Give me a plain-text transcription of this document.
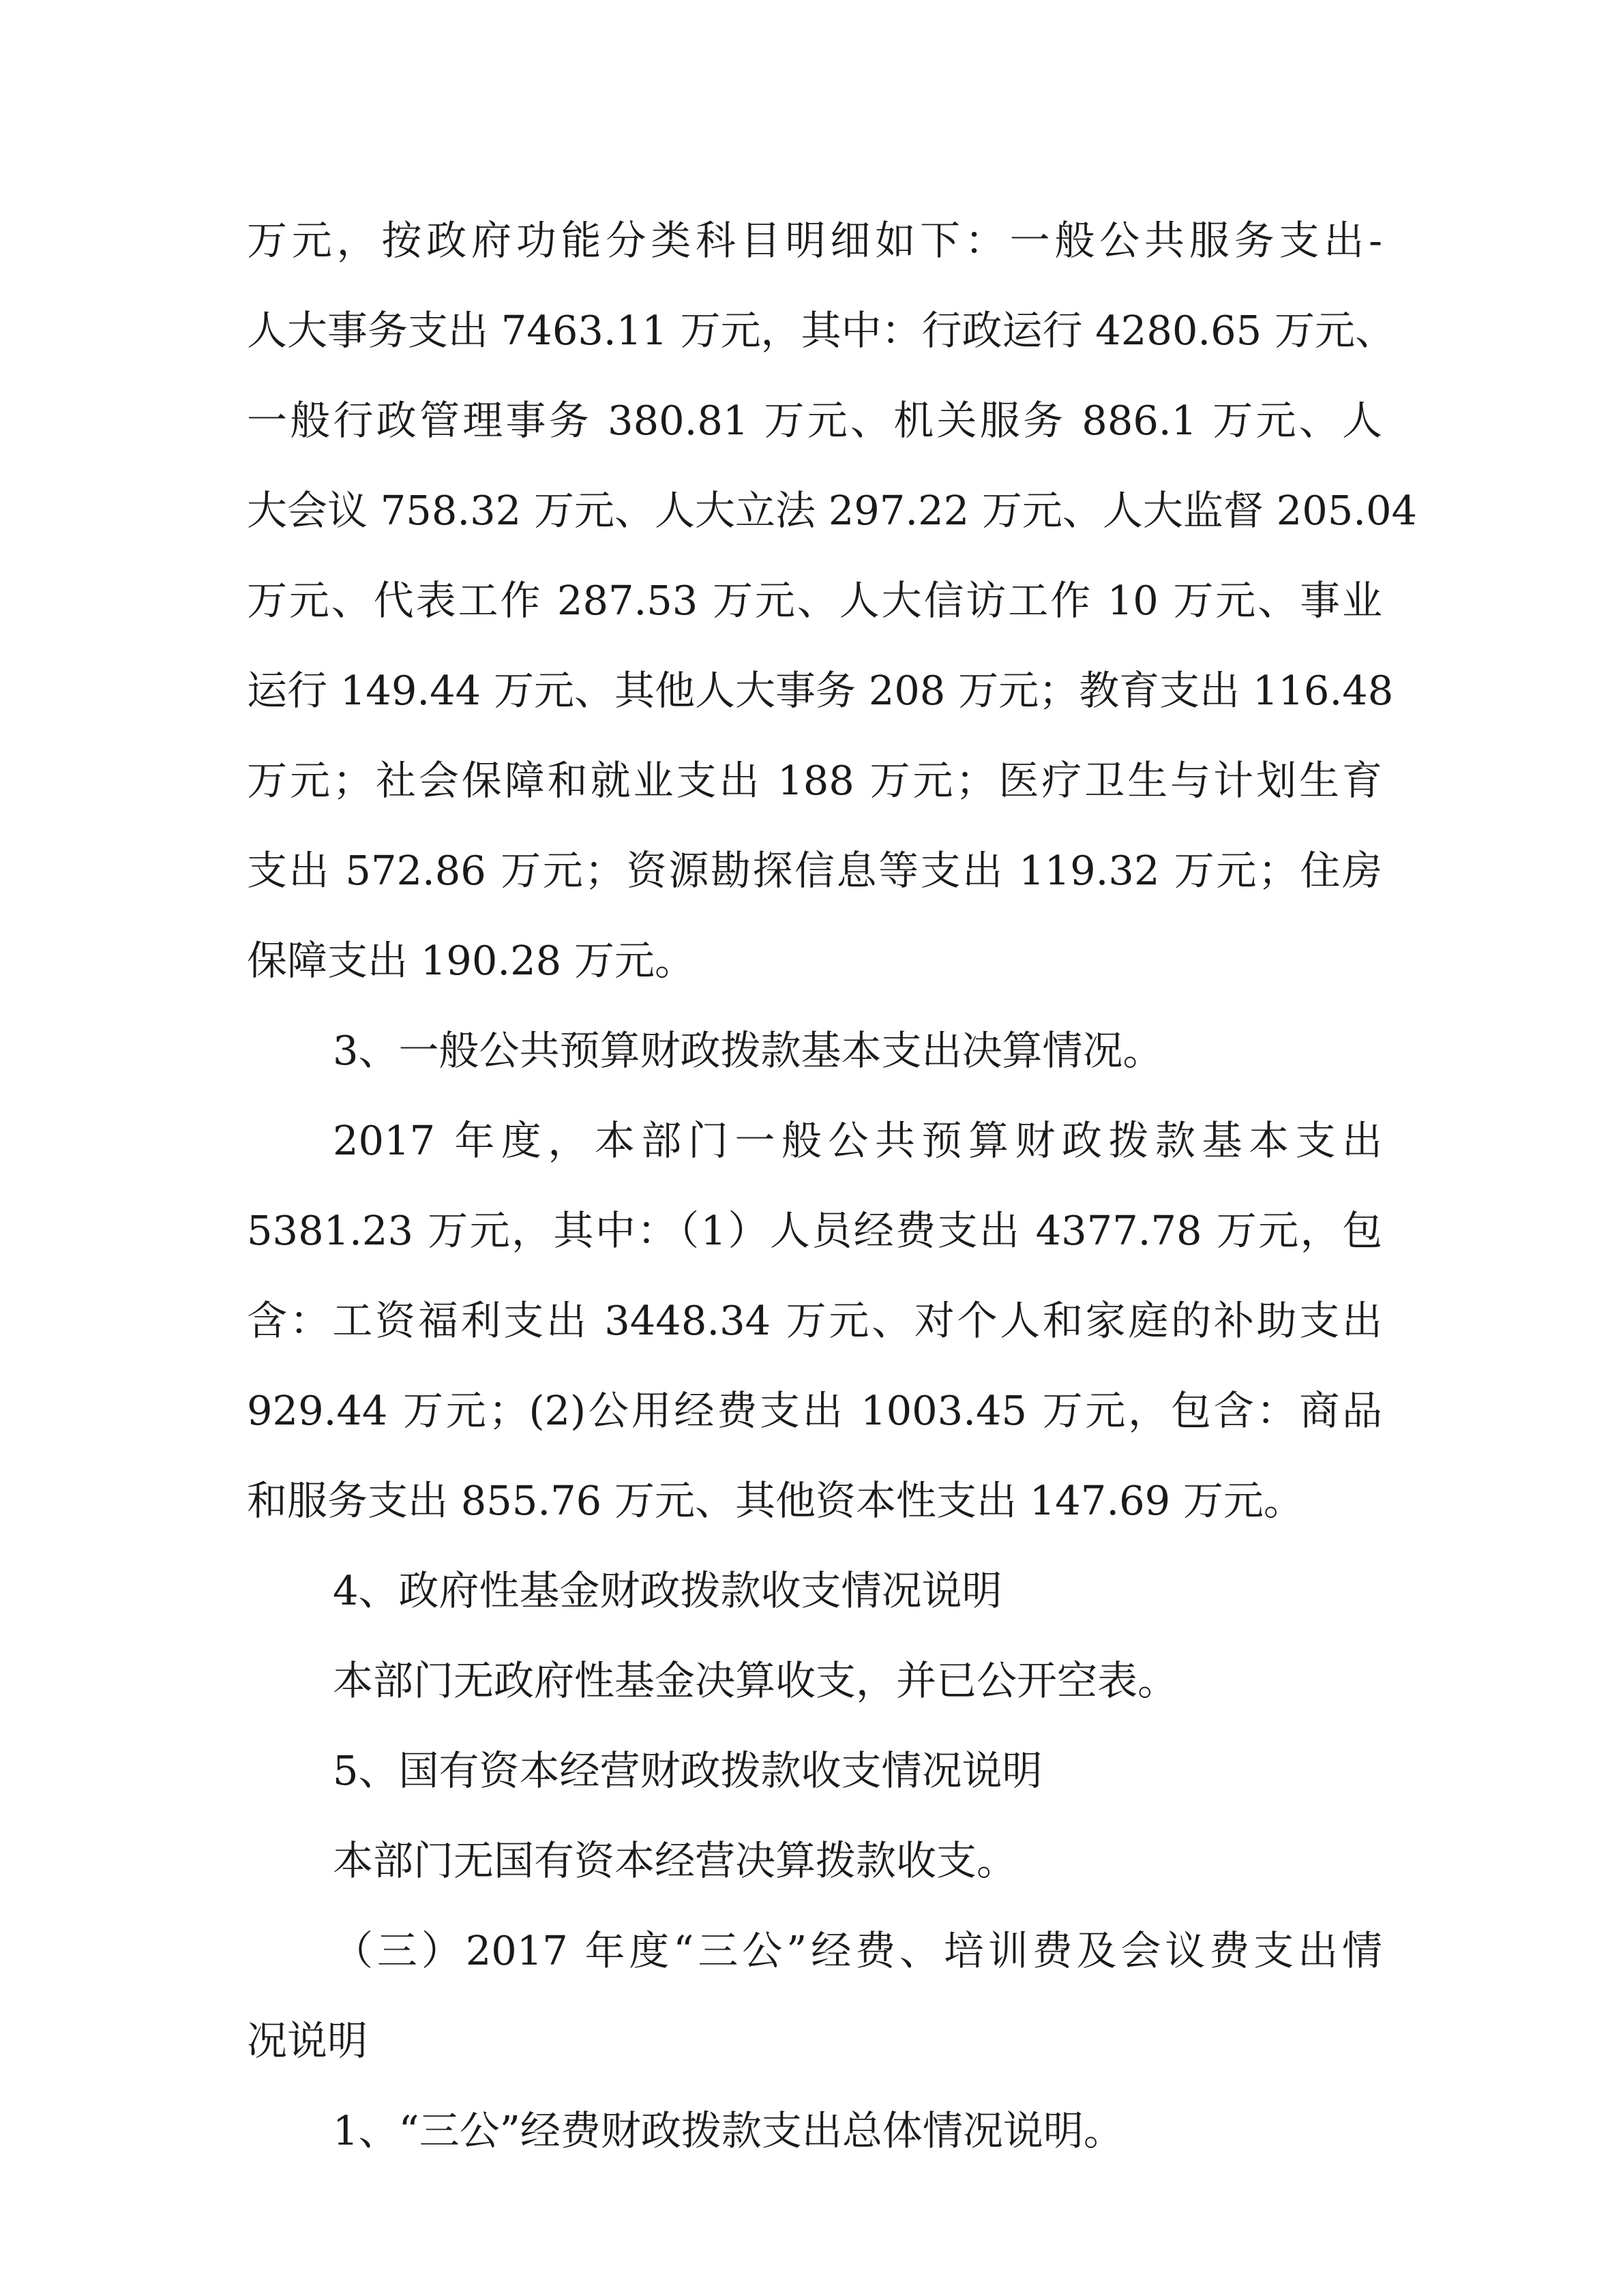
万元，按政府功能分类科目明细如下：一般公共服务支出-
人大事务支出 7463.11 万元，其中：行政运行 4280.65 万元、
一般行政管理事务 380.81 万元、机关服务 886.1 万元、人
大会议 758.32 万元、人大立法 297.22 万元、人大监督 205.04
万元、代表工作 287.53 万元、人大信访工作 10 万元、事业
运行 149.44 万元、其他人大事务 208 万元；教育支出 116.48
万元；社会保障和就业支出 188 万元；医疗卫生与计划生育
支出 572.86 万元；资源勘探信息等支出 119.32 万元；住房
保障支出 190.28 万元。
3、一般公共预算财政拨款基本支出决算情况。
2017 年度，本部门一般公共预算财政拨款基本支出
5381.23 万元，其中：（1）人员经费支出 4377.78 万元，包
含：工资福利支出 3448.34 万元、对个人和家庭的补助支出
929.44 万元；(2)公用经费支出 1003.45 万元，包含：商品
和服务支出 855.76 万元、其他资本性支出 147.69 万元。
4、政府性基金财政拨款收支情况说明
本部门无政府性基金决算收支，并已公开空表。
5、国有资本经营财政拨款收支情况说明
本部门无国有资本经营决算拨款收支。
（三）2017 年度“三公”经费、培训费及会议费支出情
况说明
1、“三公”经费财政拨款支出总体情况说明。
